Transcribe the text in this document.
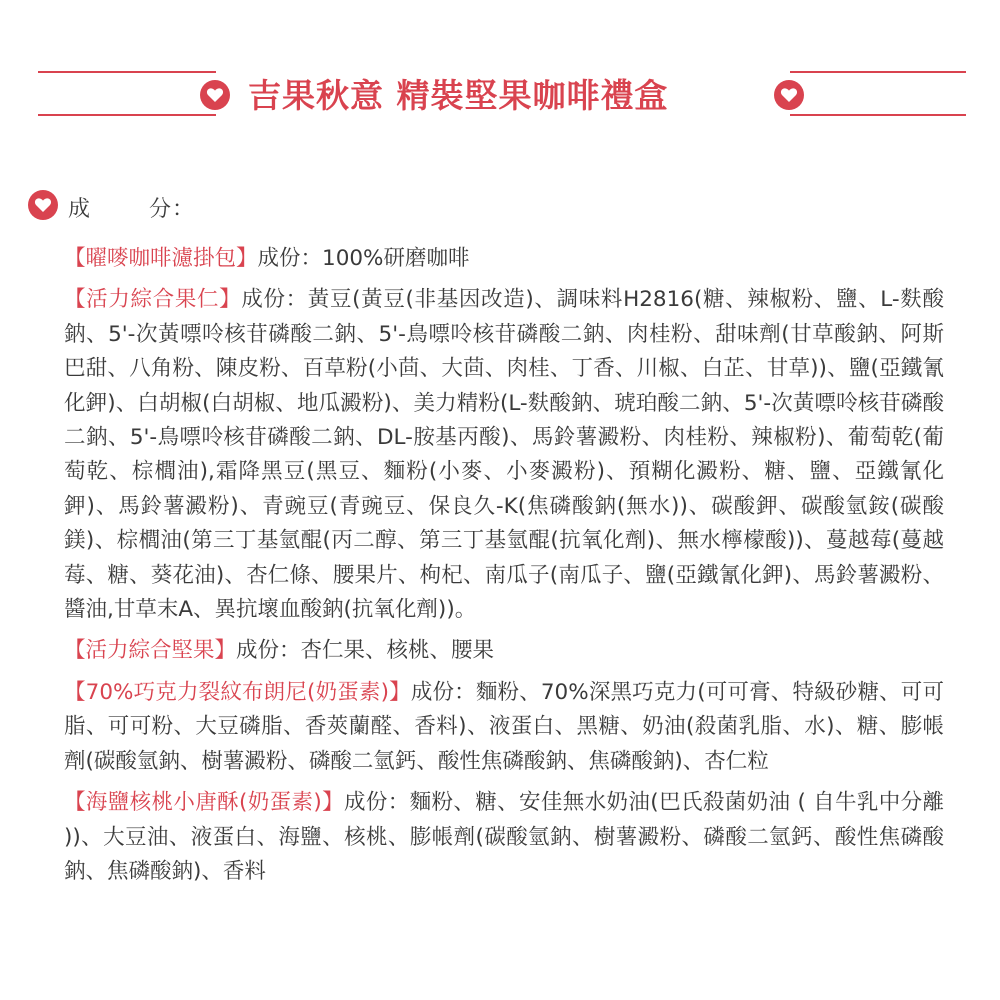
吉果秋意 精裝堅果咖啡禮盒
成	分：

【曜嘜咖啡濾掛包】成份：100%研磨咖啡

【活力綜合果仁】成份：黃豆(黃豆(非基因改造)、調味料H2816(糖、辣椒粉、鹽、L-麩酸鈉、5'-次黃嘌呤核苷磷酸二鈉、5'-鳥嘌呤核苷磷酸二鈉、肉桂粉、甜味劑(甘草酸鈉、阿斯巴甜、八角粉、陳皮粉、百草粉(小茴、大茴、肉桂、丁香、川椒、白芷、甘草))、鹽(亞鐵氰化鉀)、白胡椒(白胡椒、地瓜澱粉)、美力精粉(L-麩酸鈉、琥珀酸二鈉、5'-次黃嘌呤核苷磷酸二鈉、5'-鳥嘌呤核苷磷酸二鈉、DL-胺基丙酸)、馬鈴薯澱粉、肉桂粉、辣椒粉)、葡萄乾(葡萄乾、棕櫚油),霜降黑豆(黑豆、麵粉(小麥、小麥澱粉)、預糊化澱粉、糖、鹽、亞鐵氰化鉀)、馬鈴薯澱粉)、青豌豆(青豌豆、保良久-K(焦磷酸鈉(無水))、碳酸鉀、碳酸氫銨(碳酸鎂)、棕櫚油(第三丁基氫醌(丙二醇、第三丁基氫醌(抗氧化劑)、無水檸檬酸))、蔓越莓(蔓越莓、糖、葵花油)、杏仁條、腰果片、枸杞、南瓜子(南瓜子、鹽(亞鐵氰化鉀)、馬鈴薯澱粉、醬油,甘草末A、異抗壞血酸鈉(抗氧化劑))。

【活力綜合堅果】成份：杏仁果、核桃、腰果

【70%巧克力裂紋布朗尼(奶蛋素)】成份：麵粉、70%深黑巧克力(可可膏、特級砂糖、可可脂、可可粉、大豆磷脂、香莢蘭醛、香料)、液蛋白、黑糖、奶油(殺菌乳脂、水)、糖、膨帳劑(碳酸氫鈉、樹薯澱粉、磷酸二氫鈣、酸性焦磷酸鈉、焦磷酸鈉)、杏仁粒

【海鹽核桃小唐酥(奶蛋素)】成份：麵粉、糖、安佳無水奶油(巴氏殺菌奶油 ( 自牛乳中分離 ))、大豆油、液蛋白、海鹽、核桃、膨帳劑(碳酸氫鈉、樹薯澱粉、磷酸二氫鈣、酸性焦磷酸鈉、焦磷酸鈉)、香料
